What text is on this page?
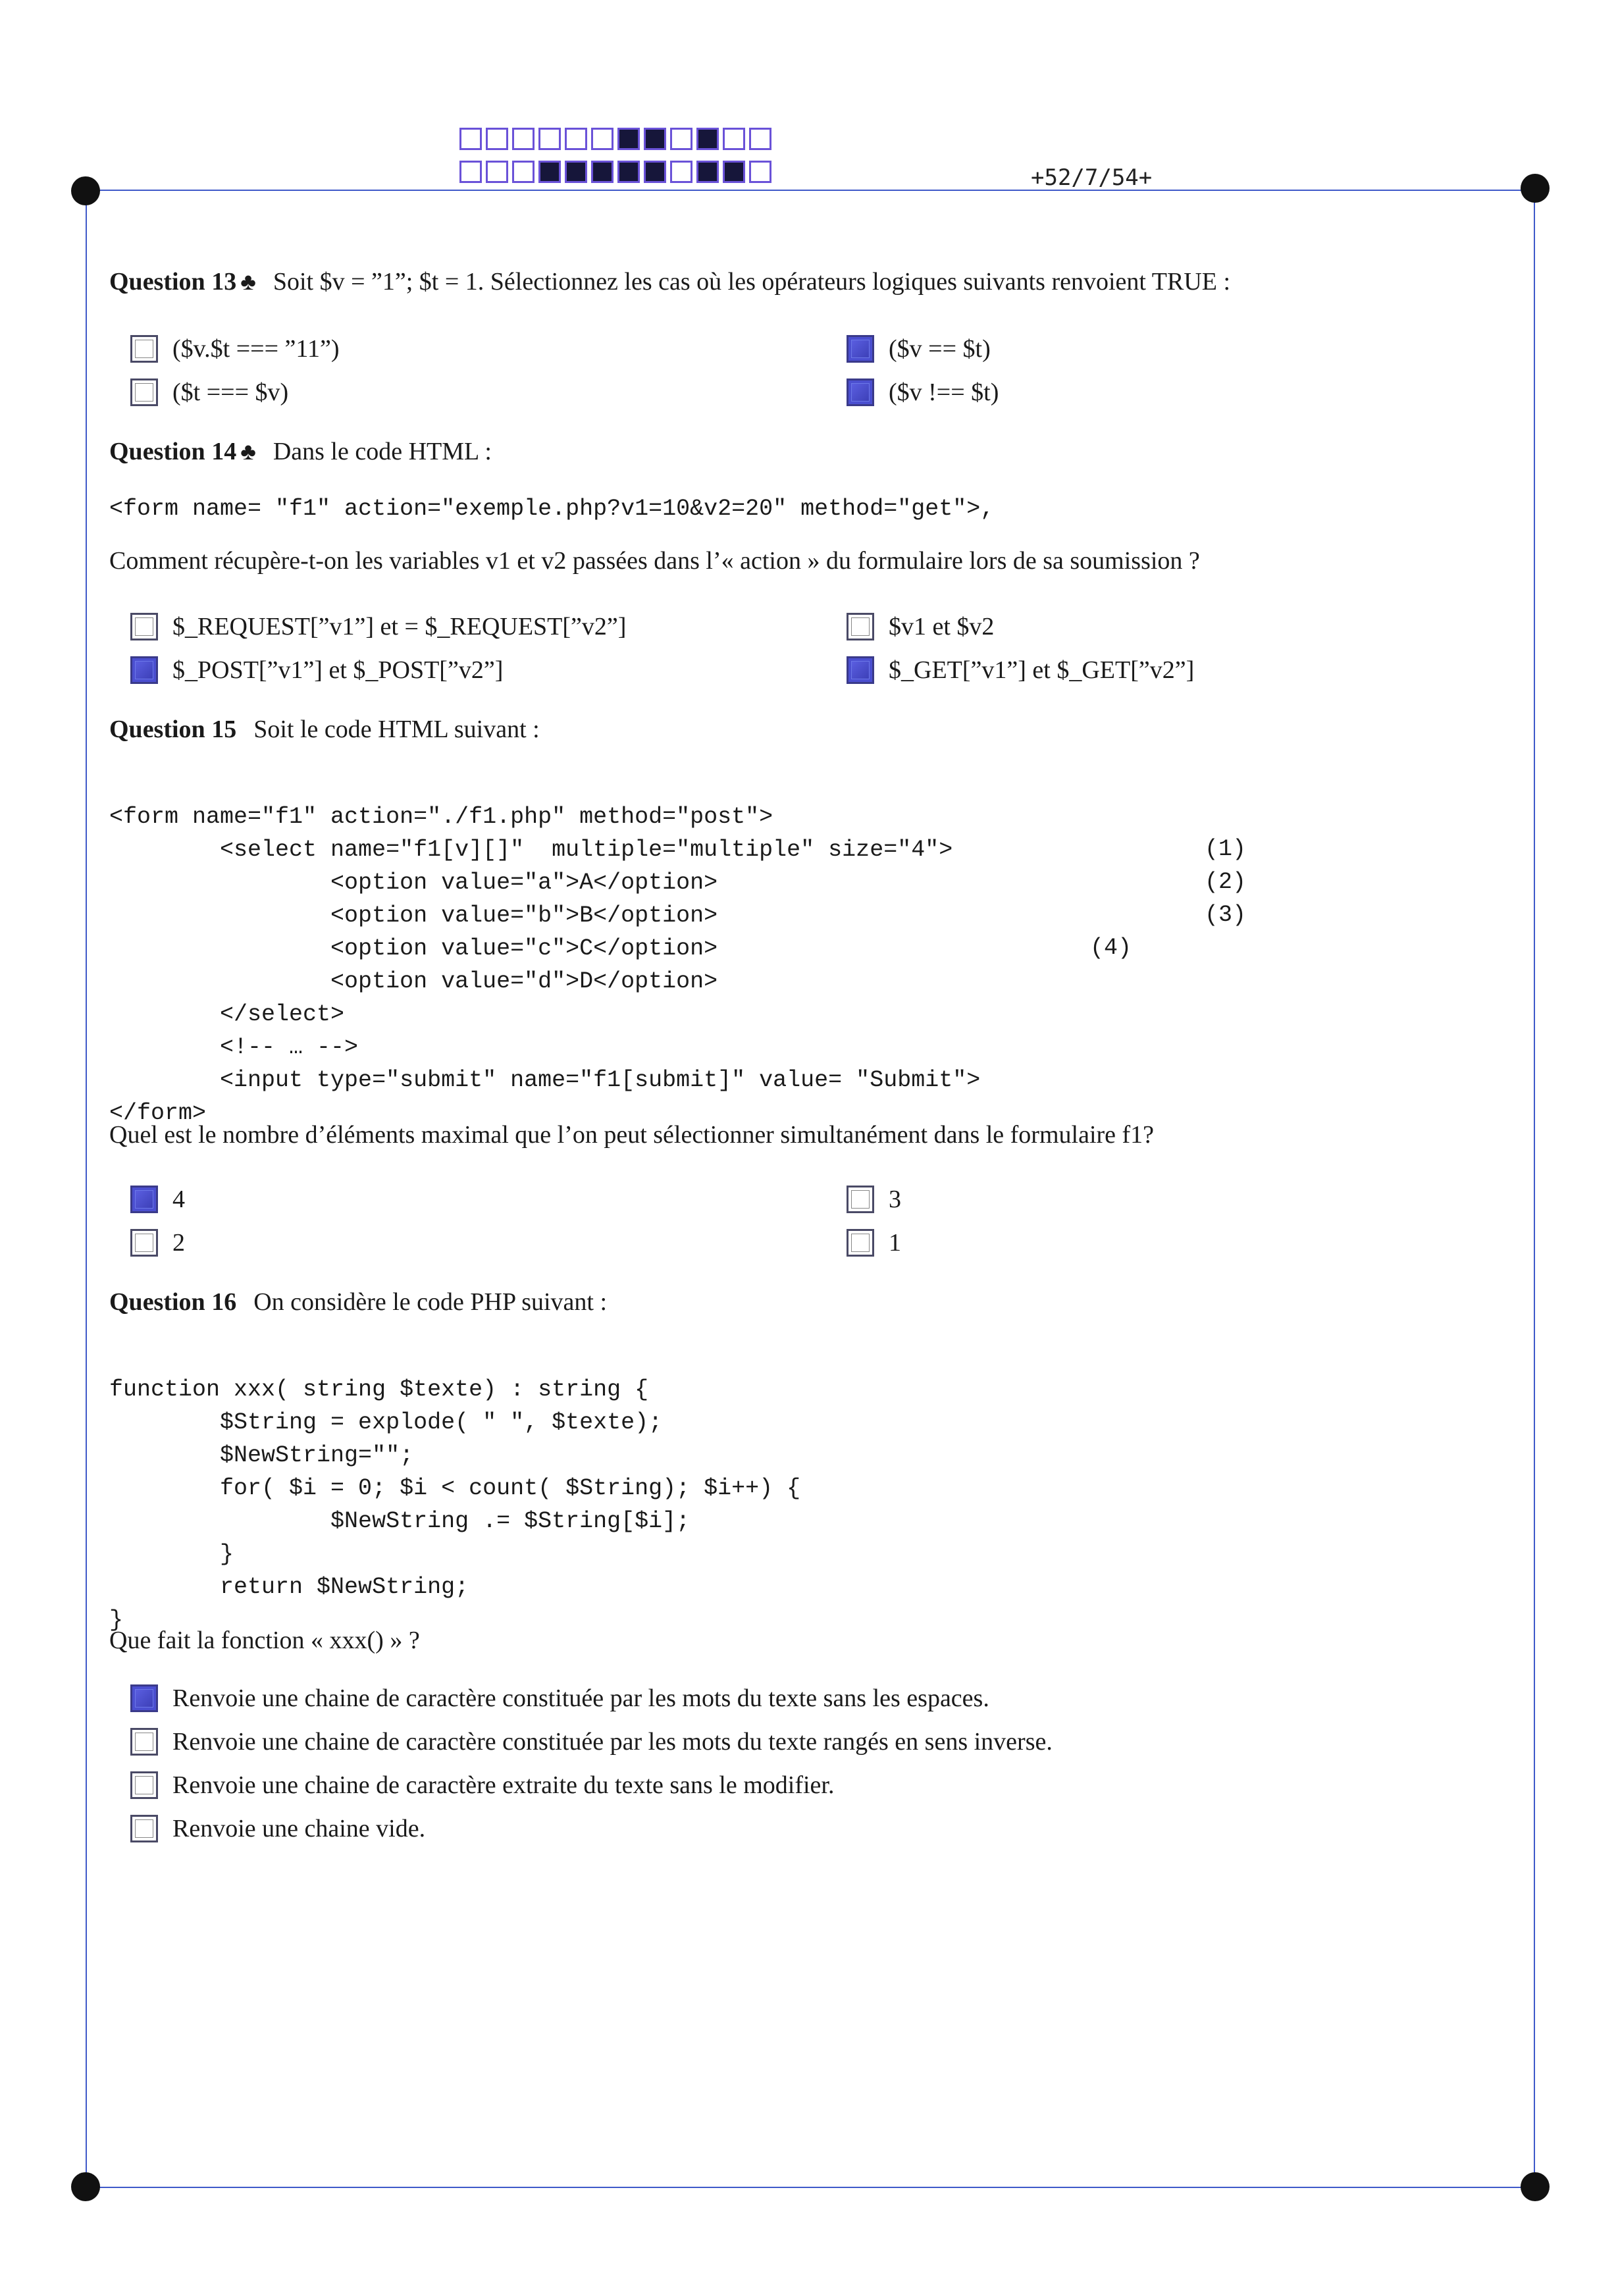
+52/7/54+
Question 13 ♣ Soit $v = ”1”; $t = 1. Sélectionnez les cas où les opérateurs logiques suivants renvoient TRUE :
($v.$t === ”11”)
($t === $v)
($v == $t)
($v !== $t)
Question 14 ♣ Dans le code HTML :
<form name= "f1" action="exemple.php?v1=10&v2=20" method="get">,
Comment récupère-t-on les variables v1 et v2 passées dans l’« action » du formulaire lors de sa soumission ?
$_REQUEST[”v1”] et = $_REQUEST[”v2”]
$_POST[”v1”] et $_POST[”v2”]
$v1 et $v2
$_GET[”v1”] et $_GET[”v2”]
Question 15 Soit le code HTML suivant :

<form name="f1" action="./f1.php" method="post">
<select name="f1[v][]"  multiple="multiple" size="4">
<option value="a">A</option>
<option value="b">B</option>
<option value="c">C</option>
<option value="d">D</option>
</select>
<!-- … -->
<input type="submit" name="f1[submit]" value= "Submit">
</form>

(1)
(2)
(3)
(4)
Quel est le nombre d’éléments maximal que l’on peut sélectionner simultanément dans le formulaire f1?
4
2
3
1
Question 16 On considère le code PHP suivant :

function xxx( string $texte) : string {
$String = explode( " ", $texte);
$NewString="";
for( $i = 0; $i < count( $String); $i++) {
$NewString .= $String[$i];
}
return $NewString;
}

Que fait la fonction « xxx() » ?
Renvoie une chaine de caractère constituée par les mots du texte sans les espaces.
Renvoie une chaine de caractère constituée par les mots du texte rangés en sens inverse.
Renvoie une chaine de caractère extraite du texte sans le modifier.
Renvoie une chaine vide.
